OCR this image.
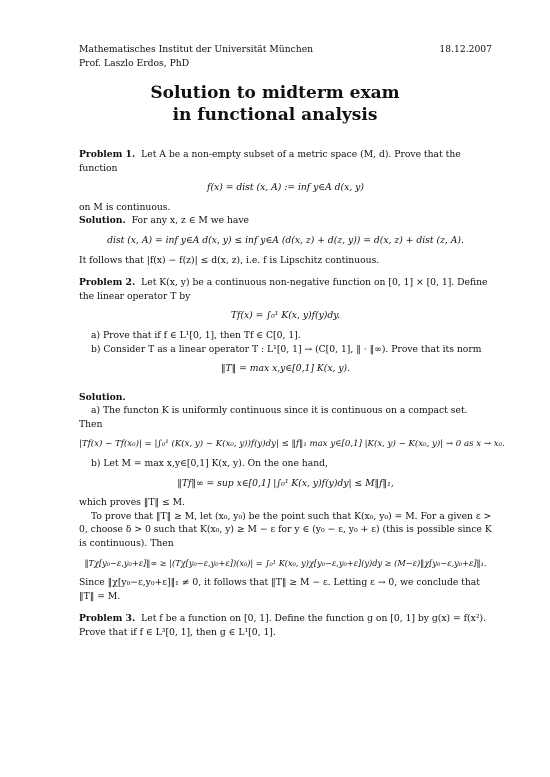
Mathematisches Institut der Universität München	18.12.2007
Prof. Laszlo Erdos, PhD
Solution to midterm exam
in functional analysis

Problem 1. Let A be a non-empty subset of a metric space (M, d). Prove that the function

f(x) = dist (x, A) := inf y∈A d(x, y)

on M is continuous.

Solution. For any x, z ∈ M we have

dist (x, A) = inf y∈A d(x, y) ≤ inf y∈A (d(x, z) + d(z, y)) = d(x, z) + dist (z, A).

It follows that |f(x) − f(z)| ≤ d(x, z), i.e. f is Lipschitz continuous.

Problem 2. Let K(x, y) be a continuous non-negative function on [0, 1] × [0, 1]. Define the linear operator T by

Tf(x) = ∫₀¹ K(x, y)f(y)dy.

a) Prove that if f ∈ L¹[0, 1], then Tf ∈ C[0, 1].

b) Consider T as a linear operator T : L¹[0, 1] → (C[0, 1], ‖ · ‖∞). Prove that its norm

‖T‖ = max x,y∈[0,1] K(x, y).

Solution.

a) The functon K is uniformly continuous since it is continuous on a compact set. Then

|Tf(x) − Tf(x₀)| = |∫₀¹ (K(x, y) − K(x₀, y))f(y)dy| ≤ ‖f‖₁ max y∈[0,1] |K(x, y) − K(x₀, y)| → 0 as x → x₀.

b) Let M = max x,y∈[0,1] K(x, y). On the one hand,

‖Tf‖∞ = sup x∈[0,1] |∫₀¹ K(x, y)f(y)dy| ≤ M‖f‖₁,

which proves ‖T‖ ≤ M.

To prove that ‖T‖ ≥ M, let (x₀, y₀) be the point such that K(x₀, y₀) = M. For a given ε > 0, choose δ > 0 such that K(x₀, y) ≥ M − ε for y ∈ (y₀ − ε, y₀ + ε) (this is possible since K is continuous). Then

‖Tχ[y₀−ε,y₀+ε]‖∞ ≥ |(Tχ[y₀−ε,y₀+ε])(x₀)| = ∫₀¹ K(x₀, y)χ[y₀−ε,y₀+ε](y)dy ≥ (M−ε)‖χ[y₀−ε,y₀+ε]‖₁.

Since ‖χ[y₀−ε,y₀+ε]‖₁ ≠ 0, it follows that ‖T‖ ≥ M − ε. Letting ε → 0, we conclude that ‖T‖ = M.

Problem 3. Let f be a function on [0, 1]. Define the function g on [0, 1] by g(x) = f(x²). Prove that if f ∈ L³[0, 1], then g ∈ L¹[0, 1].
